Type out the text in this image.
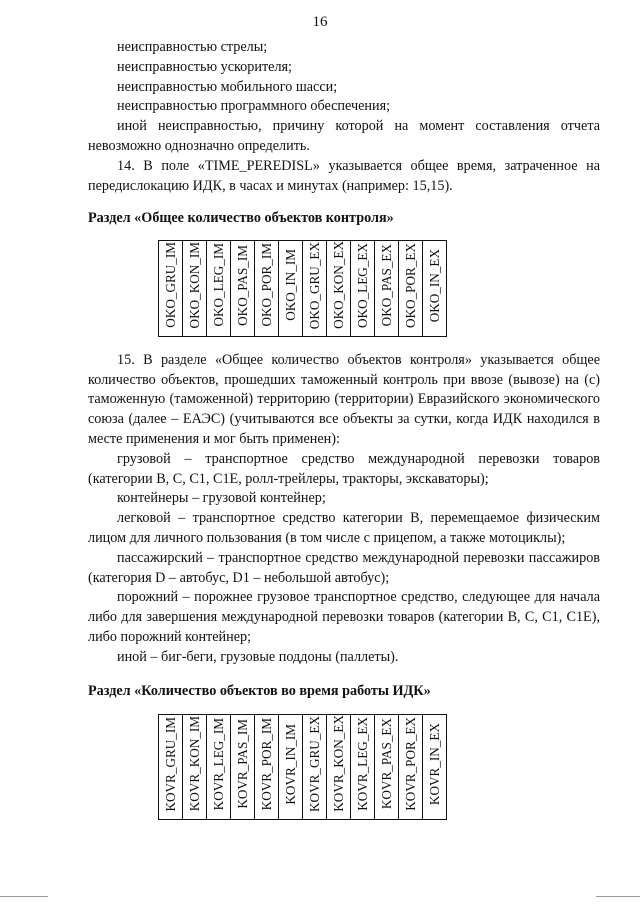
16

неисправностью стрелы;

неисправностью ускорителя;

неисправностью мобильного шасси;

неисправностью программного обеспечения;

иной неисправностью, причину которой на момент составления отчета невозможно однозначно определить.

14. В поле «TIME_PEREDISL» указывается общее время, затраченное на передислокацию ИДК, в часах и минутах (например: 15,15).

Раздел «Общее количество объектов контроля»

OKO_GRU_IM	OKO_KON_IM	OKO_LEG_IM	OKO_PAS_IM	OKO_POR_IM	OKO_IN_IM	OKO_GRU_EX	OKO_KON_EX	OKO_LEG_EX	OKO_PAS_EX	OKO_POR_EX	OKO_IN_EX

15. В разделе «Общее количество объектов контроля» указывается общее количество объектов, прошедших таможенный контроль при ввозе (вывозе) на (с) таможенную (таможенной) территорию (территории) Евразийского экономического союза (далее – ЕАЭС) (учитываются все объекты за сутки, когда ИДК находился в месте применения и мог быть применен):

грузовой – транспортное средство международной перевозки товаров (категории В, С, С1, С1Е, ролл-трейлеры, тракторы, экскаваторы);

контейнеры – грузовой контейнер;

легковой – транспортное средство категории В, перемещаемое физическим лицом для личного пользования (в том числе с прицепом, а также мотоциклы);

пассажирский – транспортное средство международной перевозки пассажиров (категория D – автобус, D1 – небольшой автобус);

порожний – порожнее грузовое транспортное средство, следующее для начала либо для завершения международной перевозки товаров (категории В, С, С1, С1Е), либо порожний контейнер;

иной – биг-беги, грузовые поддоны (паллеты).

Раздел «Количество объектов во время работы ИДК»

KOVR_GRU_IM	KOVR_KON_IM	KOVR_LEG_IM	KOVR_PAS_IM	KOVR_POR_IM	KOVR_IN_IM	KOVR_GRU_EX	KOVR_KON_EX	KOVR_LEG_EX	KOVR_PAS_EX	KOVR_POR_EX	KOVR_IN_EX
